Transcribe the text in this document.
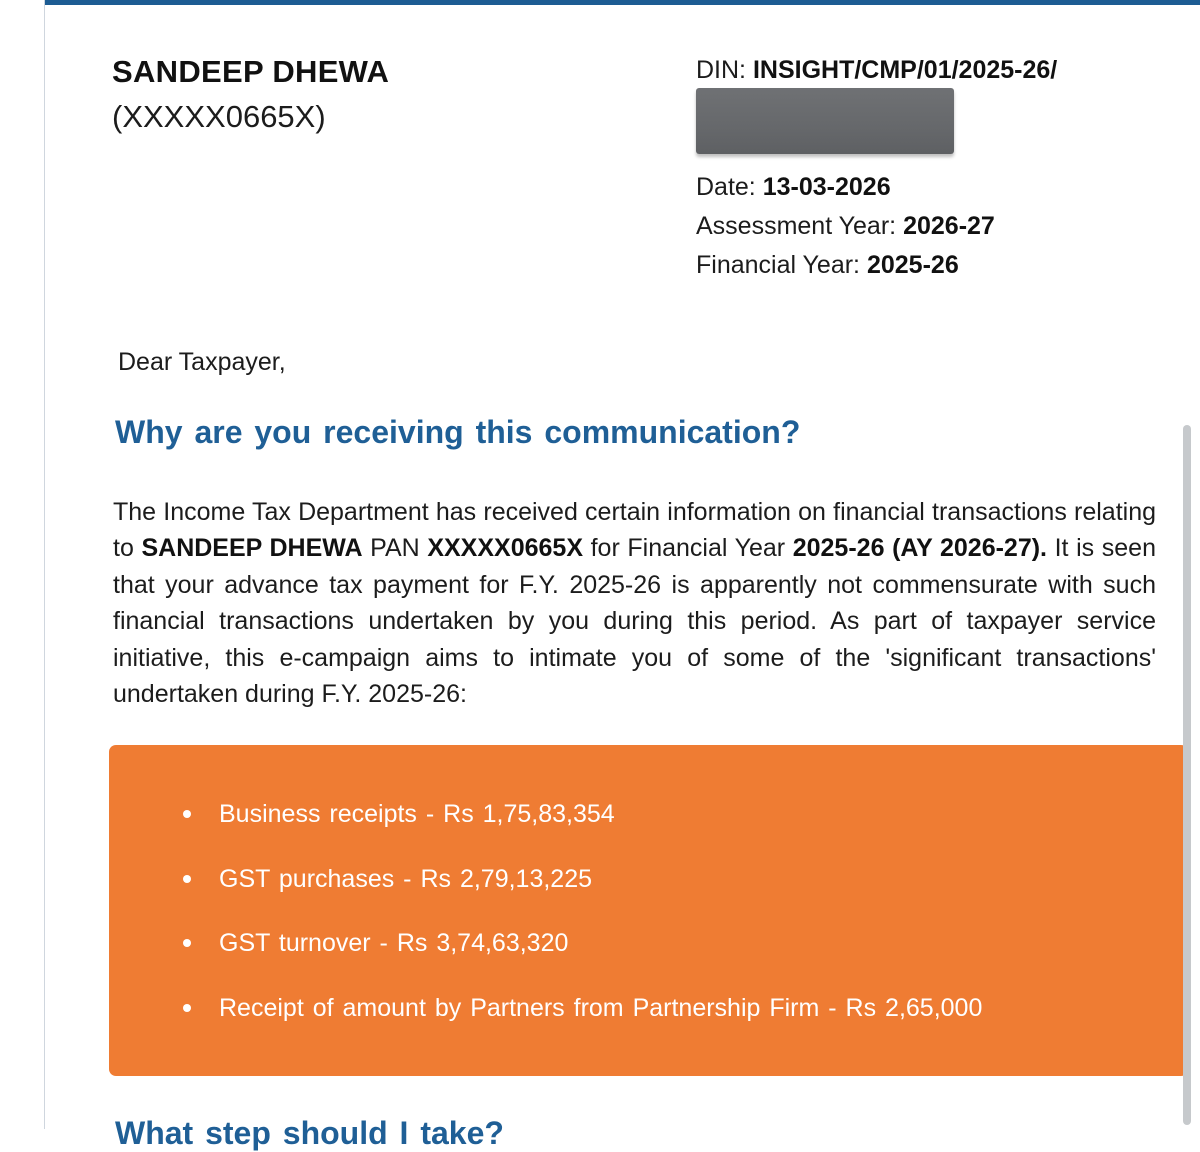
SANDEEP DHEWA
(XXXXX0665X)
DIN: INSIGHT/CMP/01/2025-26/
Date: 13-03-2026
Assessment Year: 2026-27
Financial Year: 2025-26
Dear Taxpayer,
Why are you receiving this communication?
The Income Tax Department has received certain information on financial transactions relating to SANDEEP DHEWA PAN XXXXX0665X for Financial Year 2025-26 (AY 2026-27). It is seen that your advance tax payment for F.Y. 2025-26 is apparently not commensurate with such financial transactions undertaken by you during this period. As part of taxpayer service initiative, this e-campaign aims to intimate you of some of the 'significant transactions' undertaken during F.Y. 2025-26:
Business receipts - Rs 1,75,83,354
GST purchases - Rs 2,79,13,225
GST turnover - Rs 3,74,63,320
Receipt of amount by Partners from Partnership Firm - Rs 2,65,000
What step should I take?
